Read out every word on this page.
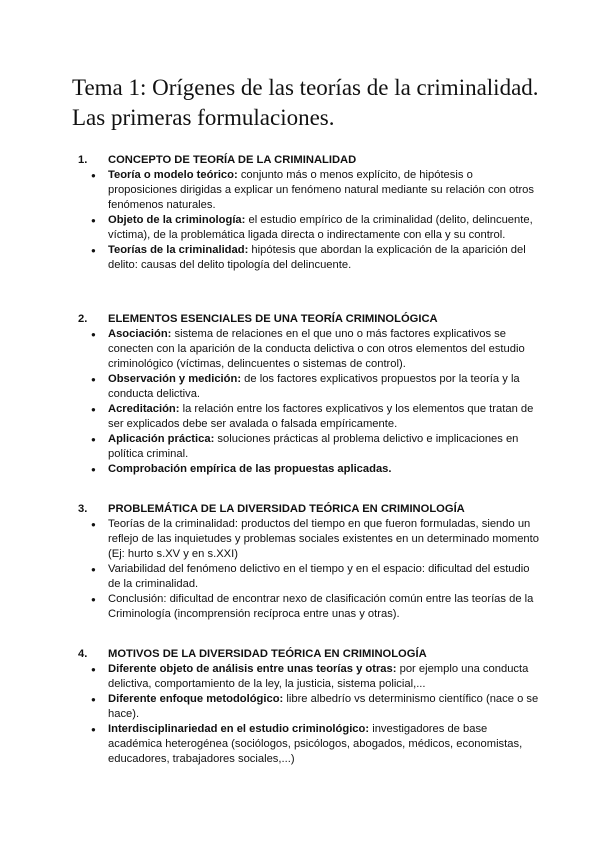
Tema 1: Orígenes de las teorías de la criminalidad. Las primeras formulaciones.
1.	CONCEPTO DE TEORÍA DE LA CRIMINALIDAD
● Teoría o modelo teórico: conjunto más o menos explícito, de hipótesis o proposiciones dirigidas a explicar un fenómeno natural mediante su relación con otros fenómenos naturales.
● Objeto de la criminología: el estudio empírico de la criminalidad (delito, delincuente, víctima), de la problemática ligada directa o indirectamente con ella y su control.
● Teorías de la criminalidad: hipótesis que abordan la explicación de la aparición del delito: causas del delito tipología del delincuente.
2.	ELEMENTOS ESENCIALES DE UNA TEORÍA CRIMINOLÓGICA
● Asociación: sistema de relaciones en el que uno o más factores explicativos se conecten con la aparición de la conducta delictiva o con otros elementos del estudio criminológico (víctimas, delincuentes o sistemas de control).
● Observación y medición: de los factores explicativos propuestos por la teoría y la conducta delictiva.
● Acreditación: la relación entre los factores explicativos y los elementos que tratan de ser explicados debe ser avalada o falsada empíricamente.
● Aplicación práctica: soluciones prácticas al problema delictivo e implicaciones en política criminal.
● Comprobación empírica de las propuestas aplicadas.
3.	PROBLEMÁTICA DE LA DIVERSIDAD TEÓRICA EN CRIMINOLOGÍA
● Teorías de la criminalidad: productos del tiempo en que fueron formuladas, siendo un reflejo de las inquietudes y problemas sociales existentes en un determinado momento (Ej: hurto s.XV y en s.XXI)
● Variabilidad del fenómeno delictivo en el tiempo y en el espacio: dificultad del estudio de la criminalidad.
● Conclusión: dificultad de encontrar nexo de clasificación común entre las teorías de la Criminología (incomprensión recíproca entre unas y otras).
4.	MOTIVOS DE LA DIVERSIDAD TEÓRICA EN CRIMINOLOGÍA
● Diferente objeto de análisis entre unas teorías y otras: por ejemplo una conducta delictiva, comportamiento de la ley, la justicia, sistema policial,...
● Diferente enfoque metodológico: libre albedrío vs determinismo científico (nace o se hace).
● Interdisciplinariedad en el estudio criminológico: investigadores de base académica heterogénea (sociólogos, psicólogos, abogados, médicos, economistas, educadores, trabajadores sociales,...)
